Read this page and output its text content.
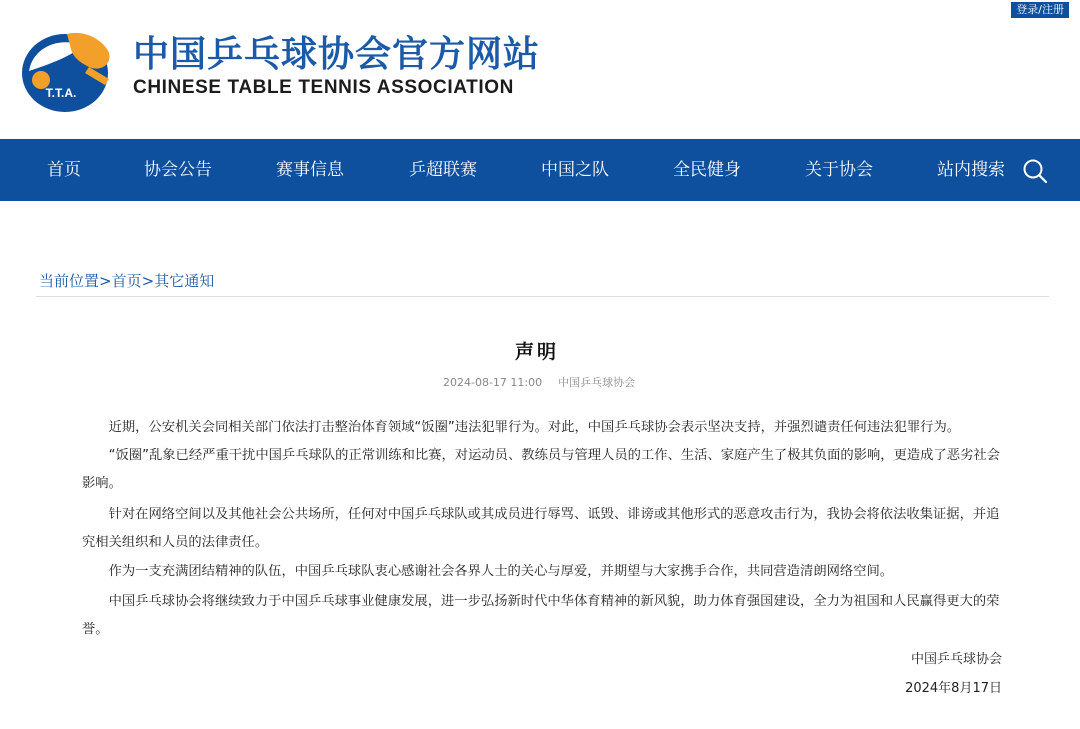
登录/注册
T.T.A.
中国乒乓球协会官方网站
CHINESE TABLE TENNIS ASSOCIATION
首页	协会公告	赛事信息	乒超联赛	中国之队	全民健身	关于协会	站内搜索
当前位置>首页>其它通知
声明
2024-08-17 11:00 中国乒乓球协会

近期，公安机关会同相关部门依法打击整治体育领域“饭圈”违法犯罪行为。对此，中国乒乓球协会表示坚决支持，并强烈谴责任何违法犯罪行为。

“饭圈”乱象已经严重干扰中国乒乓球队的正常训练和比赛，对运动员、教练员与管理人员的工作、生活、家庭产生了极其负面的影响，更造成了恶劣社会影响。

针对在网络空间以及其他社会公共场所，任何对中国乒乓球队或其成员进行辱骂、诋毁、诽谤或其他形式的恶意攻击行为，我协会将依法收集证据，并追究相关组织和人员的法律责任。

作为一支充满团结精神的队伍，中国乒乓球队衷心感谢社会各界人士的关心与厚爱，并期望与大家携手合作，共同营造清朗网络空间。

中国乒乓球协会将继续致力于中国乒乓球事业健康发展，进一步弘扬新时代中华体育精神的新风貌，助力体育强国建设，全力为祖国和人民赢得更大的荣誉。

中国乒乓球协会
2024年8月17日
